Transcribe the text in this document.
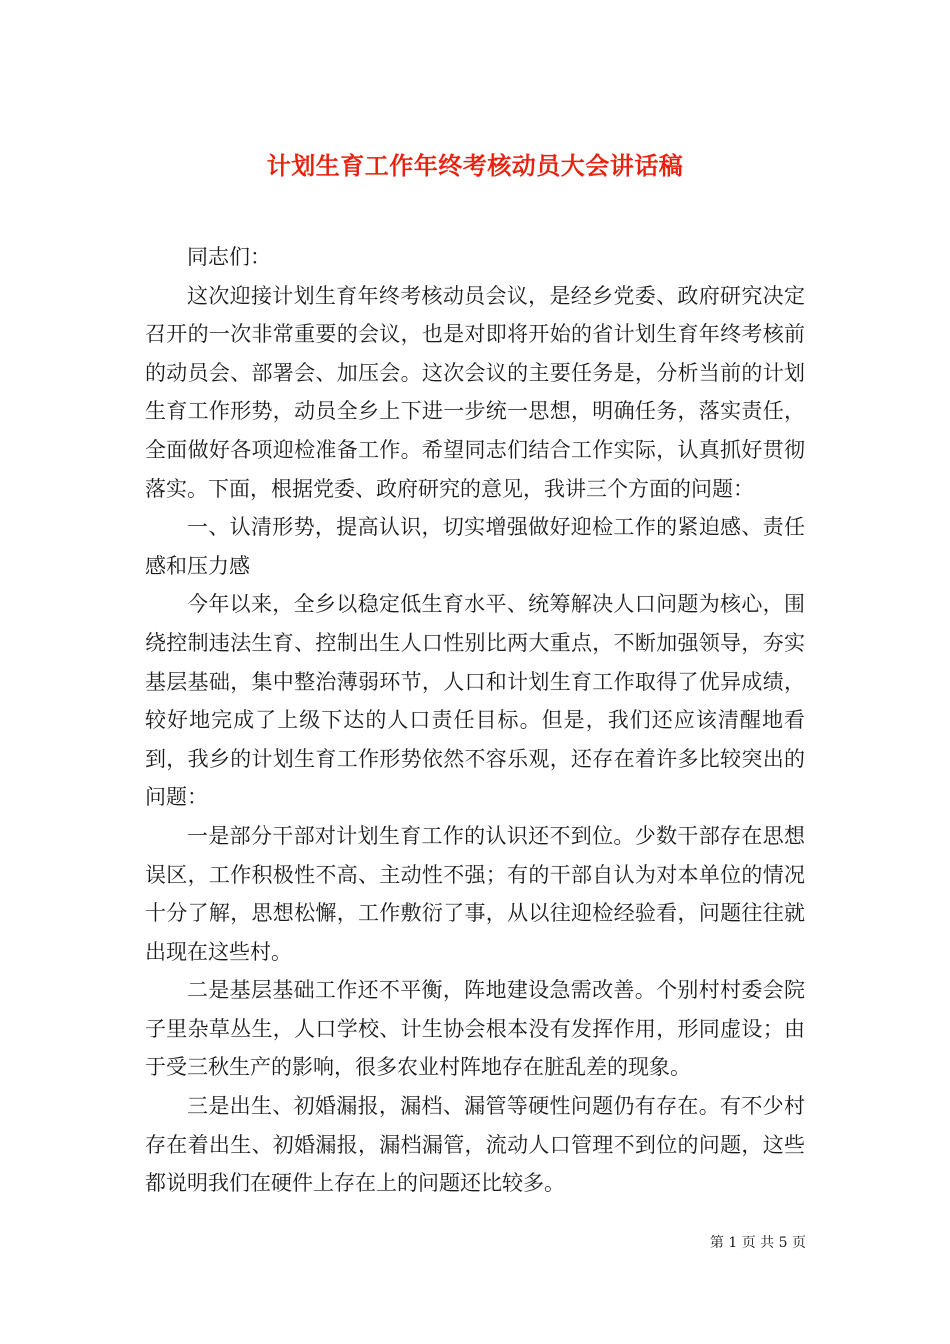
计划生育工作年终考核动员大会讲话稿

同志们：

这次迎接计划生育年终考核动员会议，是经乡党委、政府研究决定召开的一次非常重要的会议，也是对即将开始的省计划生育年终考核前的动员会、部署会、加压会。这次会议的主要任务是，分析当前的计划生育工作形势，动员全乡上下进一步统一思想，明确任务，落实责任，全面做好各项迎检准备工作。希望同志们结合工作实际，认真抓好贯彻落实。下面，根据党委、政府研究的意见，我讲三个方面的问题：

一、认清形势，提高认识，切实增强做好迎检工作的紧迫感、责任感和压力感

今年以来，全乡以稳定低生育水平、统筹解决人口问题为核心，围绕控制违法生育、控制出生人口性别比两大重点，不断加强领导，夯实基层基础，集中整治薄弱环节，人口和计划生育工作取得了优异成绩，较好地完成了上级下达的人口责任目标。但是，我们还应该清醒地看到，我乡的计划生育工作形势依然不容乐观，还存在着许多比较突出的问题：

一是部分干部对计划生育工作的认识还不到位。少数干部存在思想误区，工作积极性不高、主动性不强；有的干部自认为对本单位的情况十分了解，思想松懈，工作敷衍了事，从以往迎检经验看，问题往往就出现在这些村。

二是基层基础工作还不平衡，阵地建设急需改善。个别村村委会院子里杂草丛生，人口学校、计生协会根本没有发挥作用，形同虚设；由于受三秋生产的影响，很多农业村阵地存在脏乱差的现象。

三是出生、初婚漏报，漏档、漏管等硬性问题仍有存在。有不少村存在着出生、初婚漏报，漏档漏管，流动人口管理不到位的问题，这些都说明我们在硬件上存在上的问题还比较多。

第 1 页 共 5 页
